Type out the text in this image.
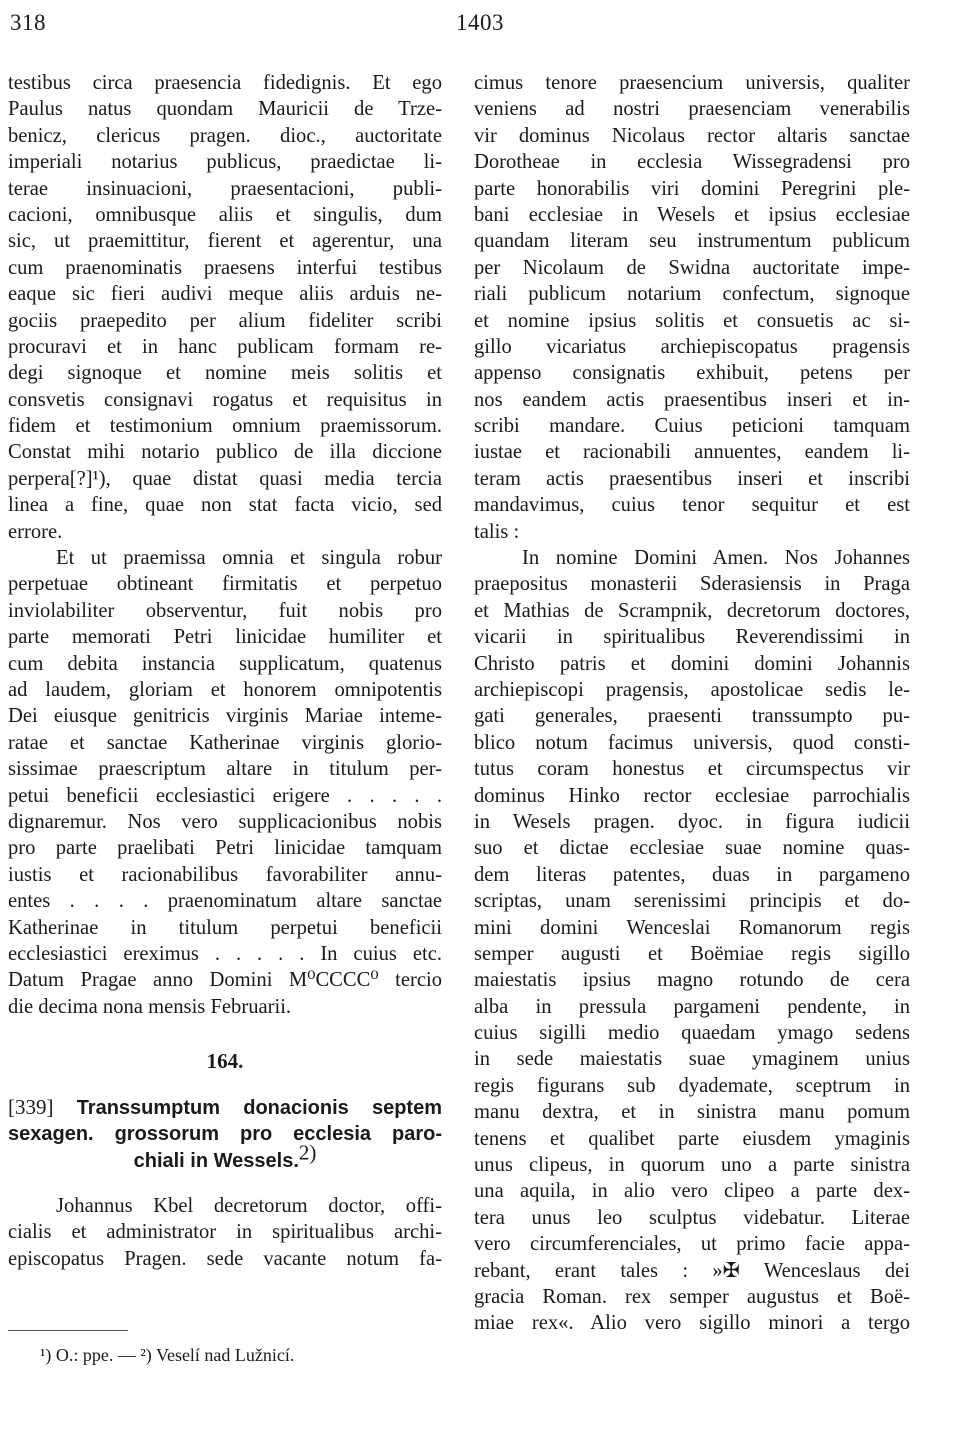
318	1403
testibus circa praesencia fidedignis. Et ego
Paulus natus quondam Mauricii de Trze-
benicz, clericus pragen. dioc., auctoritate
imperiali notarius publicus, praedictae li-
terae insinuacioni, praesentacioni, publi-
cacioni, omnibusque aliis et singulis, dum
sic, ut praemittitur, fierent et agerentur, una
cum praenominatis praesens interfui testibus
eaque sic fieri audivi meque aliis arduis ne-
gociis praepedito per alium fideliter scribi
procuravi et in hanc publicam formam re-
degi signoque et nomine meis solitis et
consvetis consignavi rogatus et requisitus in
fidem et testimonium omnium praemissorum.
Constat mihi notario publico de illa diccione
perpera[?]¹), quae distat quasi media tercia
linea a fine, quae non stat facta vicio, sed
errore.
Et ut praemissa omnia et singula robur
perpetuae obtineant firmitatis et perpetuo
inviolabiliter observentur, fuit nobis pro
parte memorati Petri linicidae humiliter et
cum debita instancia supplicatum, quatenus
ad laudem, gloriam et honorem omnipotentis
Dei eiusque genitricis virginis Mariae inteme-
ratae et sanctae Katherinae virginis glorio-
sissimae praescriptum altare in titulum per-
petui beneficii ecclesiastici erigere . . . . .
dignaremur. Nos vero supplicacionibus nobis
pro parte praelibati Petri linicidae tamquam
iustis et racionabilibus favorabiliter annu-
entes . . . . praenominatum altare sanctae
Katherinae in titulum perpetui beneficii
ecclesiastici ereximus . . . . . In cuius etc.
Datum Pragae anno Domini M⁰CCCC⁰ tercio
die decima nona mensis Februarii.
164.
[339] Transsumptum donacionis septem
sexagen. grossorum pro ecclesia paro-
chiali in Wessels.$^{2)}$
Johannus Kbel decretorum doctor, offi-
cialis et administrator in spiritualibus archi-
episcopatus Pragen. sede vacante notum fa-
cimus tenore praesencium universis, qualiter
veniens ad nostri praesenciam venerabilis
vir dominus Nicolaus rector altaris sanctae
Dorotheae in ecclesia Wissegradensi pro
parte honorabilis viri domini Peregrini ple-
bani ecclesiae in Wesels et ipsius ecclesiae
quandam literam seu instrumentum publicum
per Nicolaum de Swidna auctoritate impe-
riali publicum notarium confectum, signoque
et nomine ipsius solitis et consuetis ac si-
gillo vicariatus archiepiscopatus pragensis
appenso consignatis exhibuit, petens per
nos eandem actis praesentibus inseri et in-
scribi mandare. Cuius peticioni tamquam
iustae et racionabili annuentes, eandem li-
teram actis praesentibus inseri et inscribi
mandavimus, cuius tenor sequitur et est
talis :
In nomine Domini Amen. Nos Johannes
praepositus monasterii Sderasiensis in Praga
et Mathias de Scrampnik, decretorum doctores,
vicarii in spiritualibus Reverendissimi in
Christo patris et domini domini Johannis
archiepiscopi pragensis, apostolicae sedis le-
gati generales, praesenti transsumpto pu-
blico notum facimus universis, quod consti-
tutus coram honestus et circumspectus vir
dominus Hinko rector ecclesiae parrochialis
in Wesels pragen. dyoc. in figura iudicii
suo et dictae ecclesiae suae nomine quas-
dem literas patentes, duas in pargameno
scriptas, unam serenissimi principis et do-
mini domini Wenceslai Romanorum regis
semper augusti et Boëmiae regis sigillo
maiestatis ipsius magno rotundo de cera
alba in pressula pargameni pendente, in
cuius sigilli medio quaedam ymago sedens
in sede maiestatis suae ymaginem unius
regis figurans sub dyademate, sceptrum in
manu dextra, et in sinistra manu pomum
tenens et qualibet parte eiusdem ymaginis
unus clipeus, in quorum uno a parte sinistra
una aquila, in alio vero clipeo a parte dex-
tera unus leo sculptus videbatur. Literae
vero circumferenciales, ut primo facie appa-
rebant, erant tales : »✠ Wenceslaus dei
gracia Roman. rex semper augustus et Boë-
miae rex«. Alio vero sigillo minori a tergo
¹) O.: ppe. — ²) Veselí nad Lužnicí.
